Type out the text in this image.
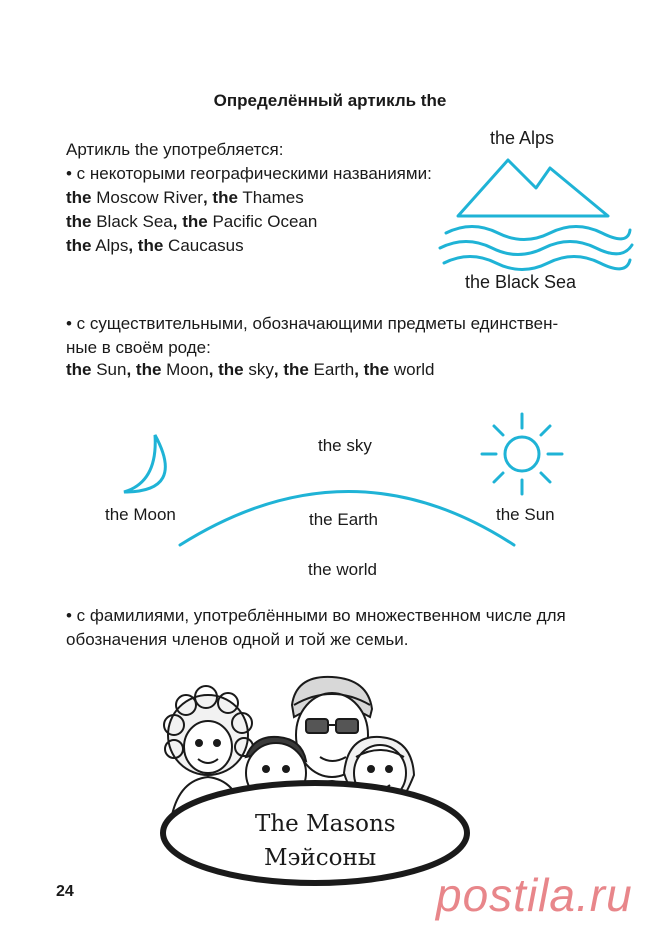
Определённый артикль the
Артикль the употребляется:
• с некоторыми географическими названиями:
the Moscow River, the Thames
the Black Sea, the Pacific Ocean
the Alps, the Caucasus
the Alps
the Black Sea
• с существительными, обозначающими предметы единствен-
ные в своём роде:
the Sun, the Moon, the sky, the Earth, the world
the sky
the Moon	the Earth	the Sun
the world
• с фамилиями, употреблёнными во множественном числе для
обозначения членов одной и той же семьи.
The Masons
Мэйсоны
24	postila.ru
